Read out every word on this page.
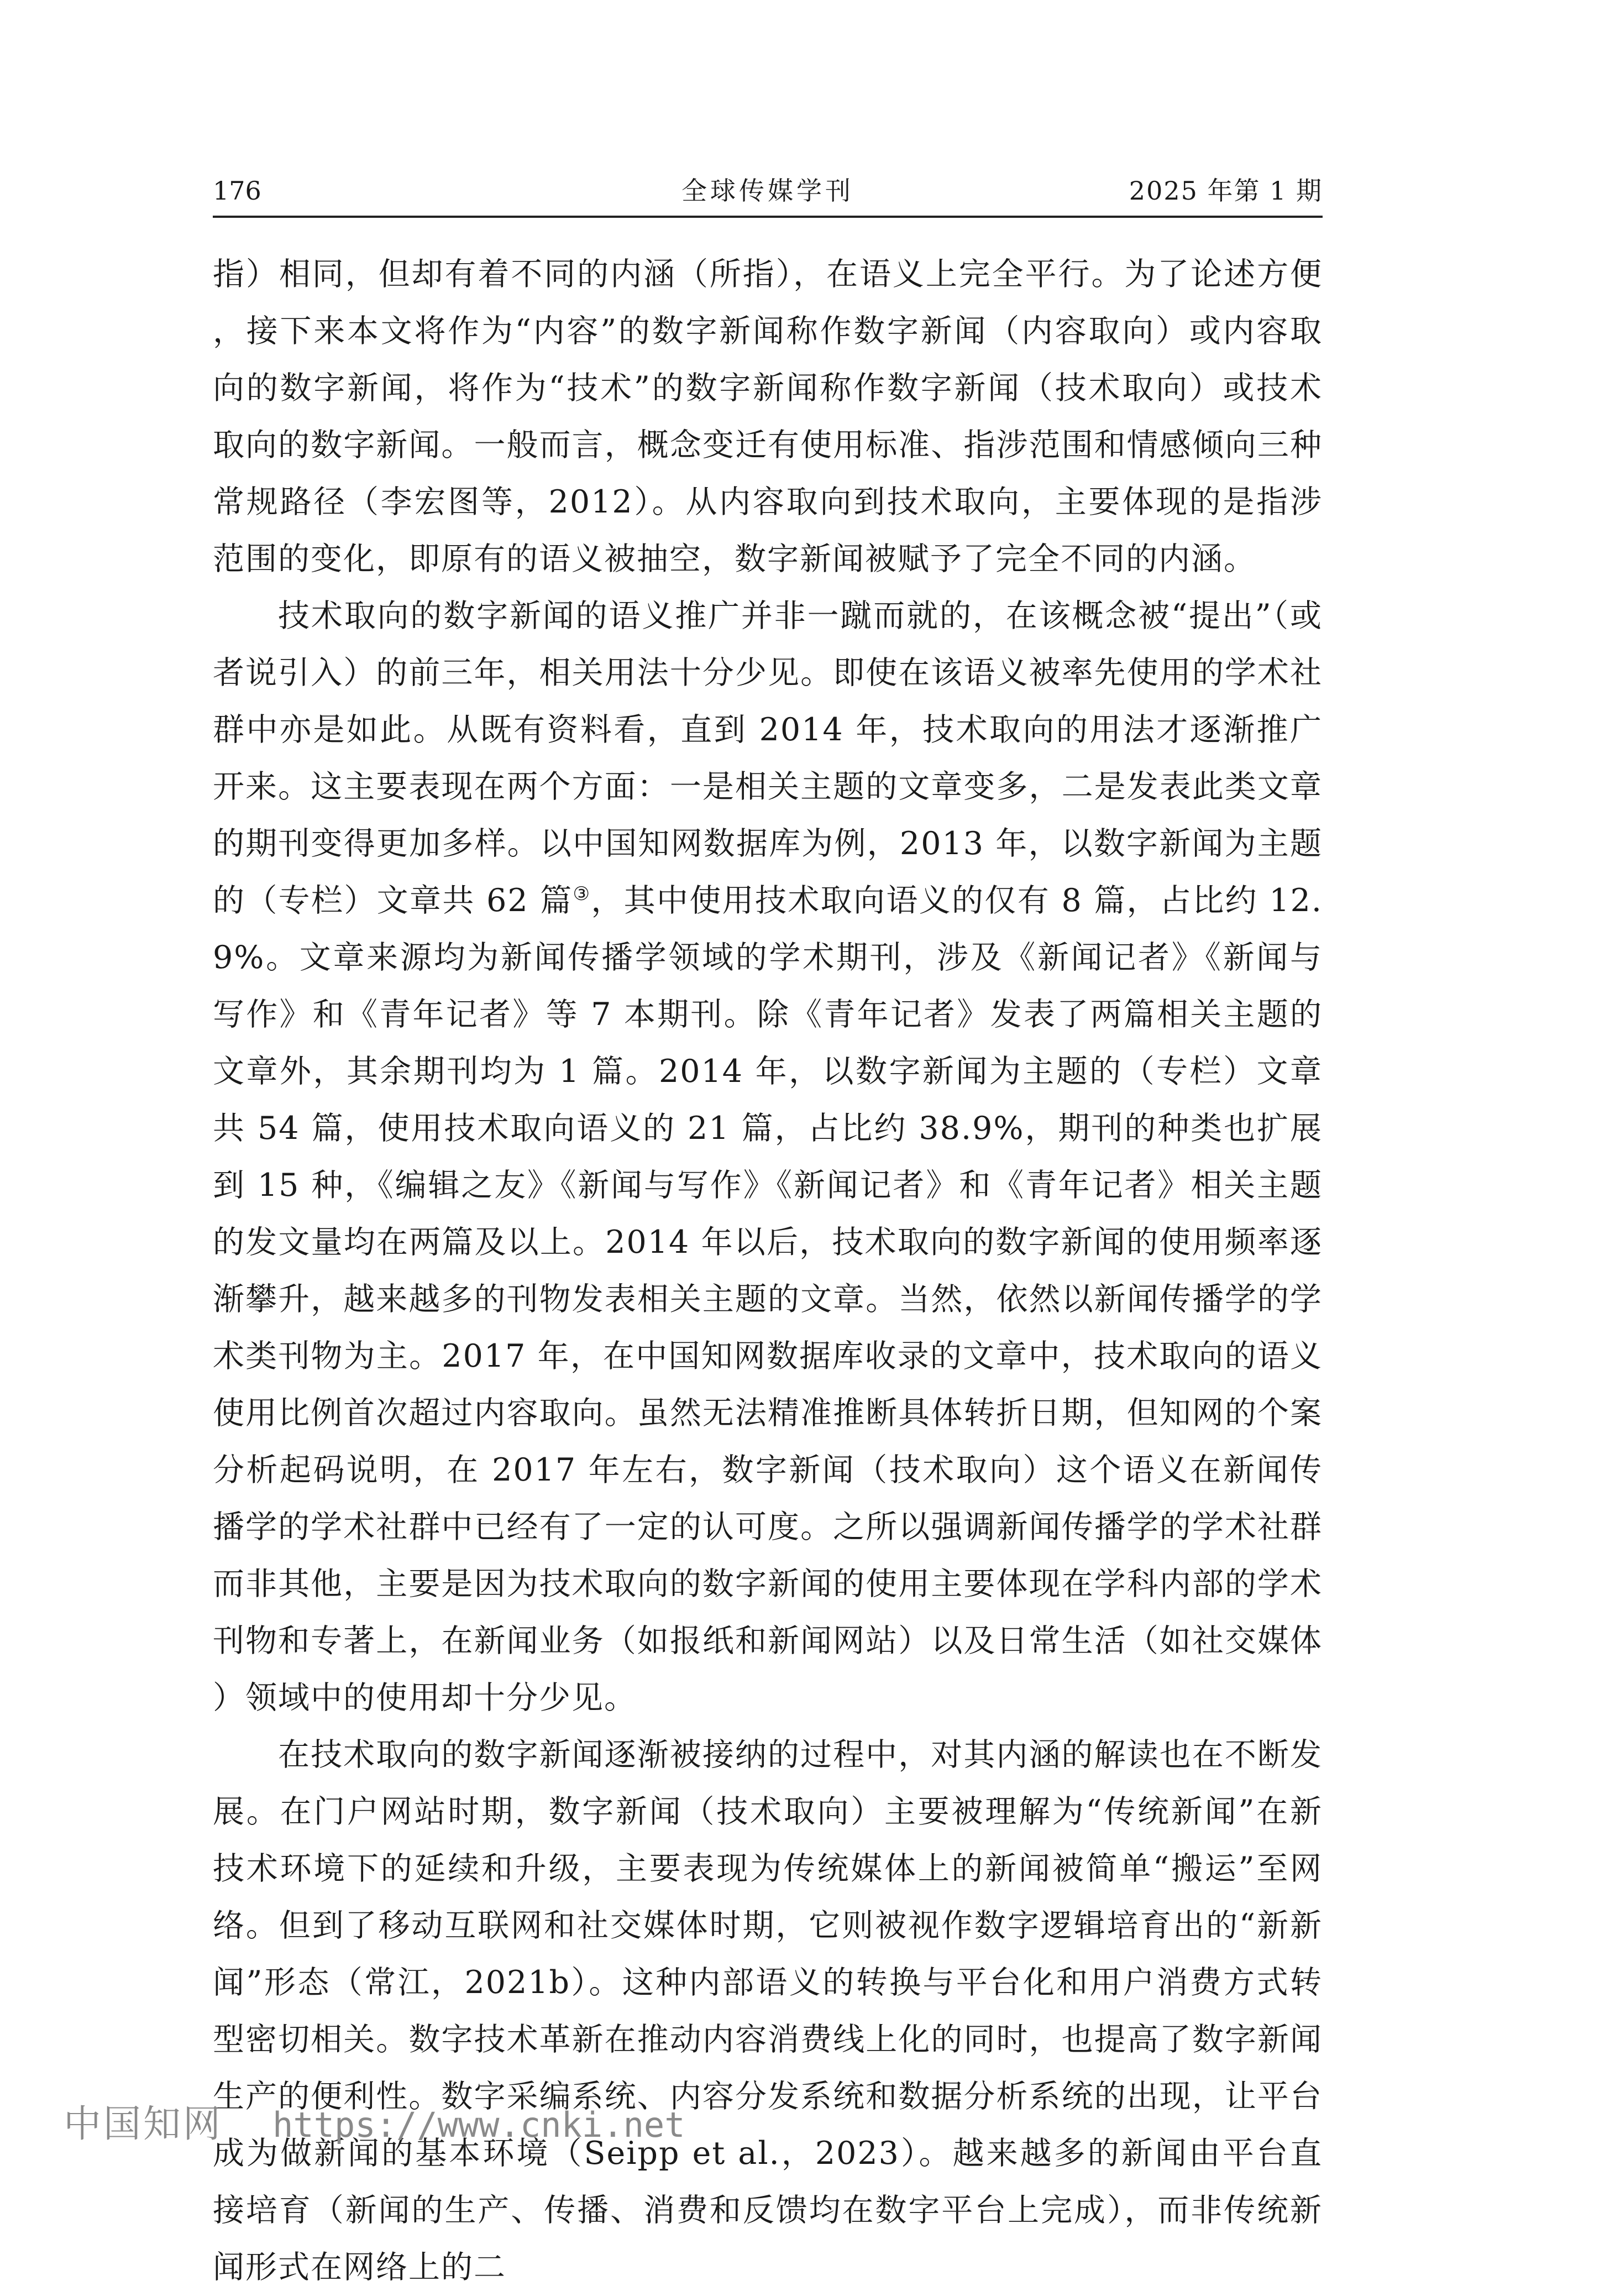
176	全球传媒学刊	2025 年第 1 期

指）相同，但却有着不同的内涵（所指），在语义上完全平行。为了论述方便，接下来本文将作为“内容”的数字新闻称作数字新闻（内容取向）或内容取向的数字新闻，将作为“技术”的数字新闻称作数字新闻（技术取向）或技术取向的数字新闻。一般而言，概念变迁有使用标准、指涉范围和情感倾向三种常规路径（李宏图等，2012）。从内容取向到技术取向，主要体现的是指涉范围的变化，即原有的语义被抽空，数字新闻被赋予了完全不同的内涵。

技术取向的数字新闻的语义推广并非一蹴而就的，在该概念被“提出”（或者说引入）的前三年，相关用法十分少见。即使在该语义被率先使用的学术社群中亦是如此。从既有资料看，直到 2014 年，技术取向的用法才逐渐推广开来。这主要表现在两个方面：一是相关主题的文章变多，二是发表此类文章的期刊变得更加多样。以中国知网数据库为例，2013 年，以数字新闻为主题的（专栏）文章共 62 篇③，其中使用技术取向语义的仅有 8 篇，占比约 12.9%。文章来源均为新闻传播学领域的学术期刊，涉及《新闻记者》《新闻与写作》和《青年记者》等 7 本期刊。除《青年记者》发表了两篇相关主题的文章外，其余期刊均为 1 篇。2014 年，以数字新闻为主题的（专栏）文章共 54 篇，使用技术取向语义的 21 篇，占比约 38.9%，期刊的种类也扩展到 15 种，《编辑之友》《新闻与写作》《新闻记者》和《青年记者》相关主题的发文量均在两篇及以上。2014 年以后，技术取向的数字新闻的使用频率逐渐攀升，越来越多的刊物发表相关主题的文章。当然，依然以新闻传播学的学术类刊物为主。2017 年，在中国知网数据库收录的文章中，技术取向的语义使用比例首次超过内容取向。虽然无法精准推断具体转折日期，但知网的个案分析起码说明，在 2017 年左右，数字新闻（技术取向）这个语义在新闻传播学的学术社群中已经有了一定的认可度。之所以强调新闻传播学的学术社群而非其他，主要是因为技术取向的数字新闻的使用主要体现在学科内部的学术刊物和专著上，在新闻业务（如报纸和新闻网站）以及日常生活（如社交媒体）领域中的使用却十分少见。

在技术取向的数字新闻逐渐被接纳的过程中，对其内涵的解读也在不断发展。在门户网站时期，数字新闻（技术取向）主要被理解为“传统新闻”在新技术环境下的延续和升级，主要表现为传统媒体上的新闻被简单“搬运”至网络。但到了移动互联网和社交媒体时期，它则被视作数字逻辑培育出的“新新闻”形态（常江，2021b）。这种内部语义的转换与平台化和用户消费方式转型密切相关。数字技术革新在推动内容消费线上化的同时，也提高了数字新闻生产的便利性。数字采编系统、内容分发系统和数据分析系统的出现，让平台成为做新闻的基本环境（Seipp et al.，2023）。越来越多的新闻由平台直接培育（新闻的生产、传播、消费和反馈均在数字平台上完成），而非传统新闻形式在网络上的二

中国知网 https://www.cnki.net
